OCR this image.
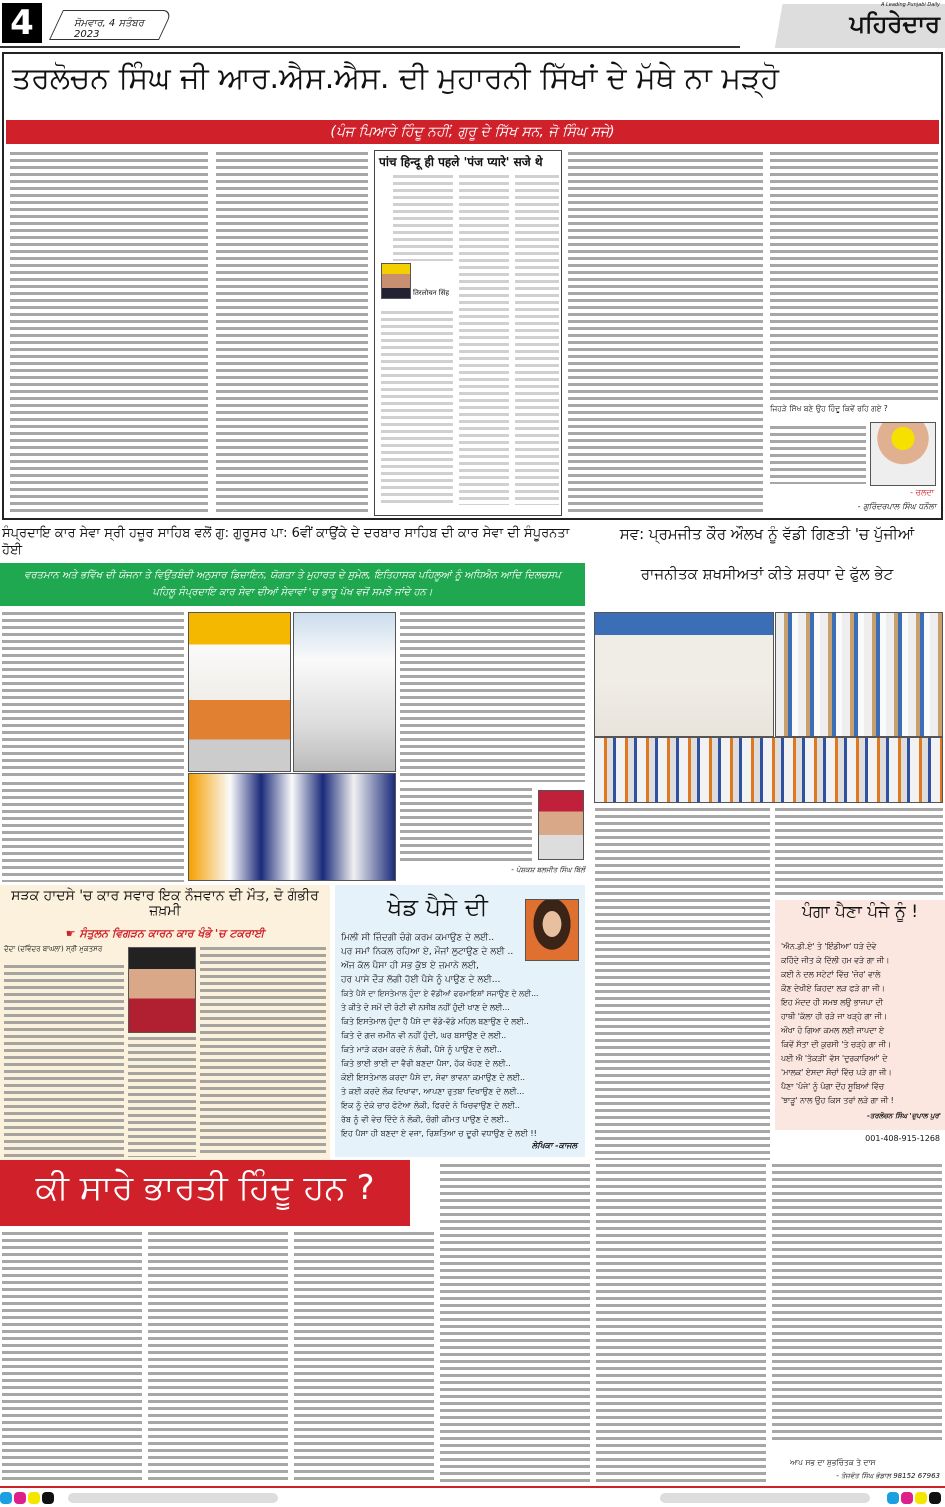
4	ਸੋਮਵਾਰ, 4 ਸਤੰਬਰ 2023	ਪਹਿਰੇਦਾਰ
A Leading Punjabi Daily
ਤਰਲੋਚਨ ਸਿੰਘ ਜੀ ਆਰ.ਐਸ.ਐਸ. ਦੀ ਮੁਹਾਰਨੀ ਸਿੱਖਾਂ ਦੇ ਮੱਥੇ ਨਾ ਮੜ੍ਹੋ
(ਪੰਜ ਪਿਆਰੇ ਹਿੰਦੂ ਨਹੀਂ, ਗੁਰੂ ਦੇ ਸਿੱਖ ਸਨ, ਜੋ ਸਿੰਘ ਸਜੇ)
पांच हिन्दू ही पहले 'पंज प्यारे' सजे थे
तिरलोचन सिंह
ਜਿਹੜੇ ਸਿੱਖ ਬਣੇ ਉਹ ਹਿੰਦੂ ਕਿਵੇਂ ਰਹਿ ਗਏ ?
- ਚਲਦਾ
- ਗੁਰਿੰਦਰਪਾਲ ਸਿੰਘ ਧਨੌਲਾ
ਸੰਪ੍ਰਦਾਇ ਕਾਰ ਸੇਵਾ ਸ੍ਰੀ ਹਜ਼ੂਰ ਸਾਹਿਬ ਵਲੋਂ ਗੁ: ਗੁਰੂਸਰ ਪਾ: 6ਵੀਂ ਕਾਉਂਕੇ ਦੇ ਦਰਬਾਰ ਸਾਹਿਬ ਦੀ ਕਾਰ ਸੇਵਾ ਦੀ ਸੰਪੂਰਨਤਾ ਹੋਈ
ਵਰਤਮਾਨ ਅਤੇ ਭਵਿੱਖ ਦੀ ਯੋਜਨਾ ਤੇ ਵਿਉਂਤਬੰਦੀ ਅਨੁਸਾਰ ਡਿਜ਼ਾਇਨ, ਯੋਗਤਾ ਤੇ ਮੁਹਾਰਤ ਦੇ ਸੁਮੇਲ, ਇਤਿਹਾਸਕ ਪਹਿਲੂਆਂ ਨੂੰ ਅਧਿਐਨ ਆਦਿ ਦਿਲਚਸਪ ਪਹਿਲੂ ਸੰਪ੍ਰਦਾਇ ਕਾਰ ਸੇਵਾ ਦੀਆਂ ਸੇਵਾਵਾਂ 'ਚ ਭਾਰੂ ਪੱਖ ਵਜੋਂ ਸਮਝੇ ਜਾਂਦੇ ਹਨ।
- ਪੇਸ਼ਕਸ਼ ਬਲਜੀਤ ਸਿੰਘ ਬਿੱਲੋਂ
ਸਵ: ਪ੍ਰਮਜੀਤ ਕੌਰ ਔਲਖ ਨੂੰ ਵੱਡੀ ਗਿਣਤੀ 'ਚ ਪੁੱਜੀਆਂ
ਰਾਜਨੀਤਕ ਸ਼ਖਸੀਅਤਾਂ ਕੀਤੇ ਸ਼ਰਧਾ ਦੇ ਫੁੱਲ ਭੇਟ
ਸੜਕ ਹਾਦਸੇ 'ਚ ਕਾਰ ਸਵਾਰ ਇਕ ਨੌਜਵਾਨ ਦੀ ਮੌਤ, ਦੋ ਗੰਭੀਰ ਜ਼ਖ਼ਮੀ
☛ ਸੰਤੁਲਨ ਵਿਗੜਨ ਕਾਰਨ ਕਾਰ ਖੰਭੇ 'ਚ ਟਕਰਾਈ
ਦੋਦਾ (ਦਵਿੰਦਰ ਬਾਘਲਾ) ਸ੍ਰੀ ਮੁਕਤਸਰ
ਖੇਡ ਪੈਸੇ ਦੀ
ਮਿਲੀ ਸੀ ਜ਼ਿੰਦਗੀ ਚੰਗੇ ਕਰਮ ਕਮਾਉਣ ਦੇ ਲਈ..
ਪਰ ਸਮਾਂ ਨਿਕਲ ਰਹਿਆ ਏ, ਮੌਜਾਂ ਲੁਟਾਉਣ ਦੇ ਲਈ ..
ਅੱਜ ਕੱਲ ਪੈਸਾ ਹੀ ਸਭ ਕੁੱਝ ਏ ਜ਼ਮਾਨੇ ਲਈ,
ਹਰ ਪਾਸੇ ਦੌੜ ਲੱਗੀ ਹੋਈ ਪੈਸੇ ਨੂੰ ਪਾਉਣ ਦੇ ਲਈ...
ਕਿਤੇ ਪੈਸੇ ਦਾ ਇਸਤੇਮਾਲ ਹੁੰਦਾ ਏ ਵੱਡੀਆਂ ਫਰਮਾਇਸ਼ਾਂ ਸਜਾਉਣ ਦੇ ਲਈ...
ਤੇ ਕੀਤੇ ਦੋ ਸਮੇਂ ਦੀ ਰੋਟੀ ਵੀ ਨਸੀਬ ਨਹੀਂ ਹੁੰਦੀ ਖਾਣ ਦੇ ਲਈ...
ਕਿਤੇ ਇਸਤੇਮਾਲ ਹੁੰਦਾ ਹੈ ਪੈਸੇ ਦਾ ਵੱਡੇ-ਵੱਡੇ ਮਹਿਲ ਬਣਾਉਣ ਦੇ ਲਈ..
ਕਿਤੇ ਦੋ ਗਜ਼ ਜ਼ਮੀਨ ਵੀ ਨਹੀਂ ਹੁੰਦੀ, ਘਰ ਬਸਾਉਣ ਦੇ ਲਈ..
ਕਿਤੇ ਮਾੜੇ ਕਰਮ ਕਰਦੇ ਨੇ ਲੋਕੀ, ਪੈਸੇ ਨੂੰ ਪਾਉਣ ਦੇ ਲਈ..
ਕਿਤੇ ਭਾਈ ਭਾਈ ਦਾ ਵੈਰੀ ਬਣਦਾ ਪੈਸਾ, ਹੱਕ ਖੋਹਣ ਦੇ ਲਈ..
ਕੋਈ ਇਸਤੇਮਾਲ ਕਰਦਾ ਪੈਸੇ ਦਾ, ਸੇਵਾ ਭਾਵਨਾ ਕਮਾਉਣ ਦੇ ਲਈ..
ਤੇ ਕਈ ਕਰਦੇ ਲੋਕ ਦਿਖਾਵਾ, ਆਪਣਾ ਰੁਤਬਾ ਦਿਖਾਉਣ ਦੇ ਲਈ...
ਇਕ ਨੂੰ ਦੇਕੇ ਚਾਰ ਫੋਟੋਆ ਲੋਕੀ, ਫਿਰਦੇ ਨੇ ਖਿਚਵਾਉਣ ਦੇ ਲਈ..
ਰੱਬ ਨੂੰ ਵੀ ਵੇਚ ਦਿੰਦੇ ਨੇ ਲੋਕੀ, ਚੰਗੀ ਕੀਮਤ ਪਾਉਣ ਦੇ ਲਈ..
ਇਹ ਪੈਸਾ ਹੀ ਬਣਦਾ ਏ ਵਜਾ, ਰਿਸ਼ਤਿਆ ਚ ਦੂਰੀ ਵਧਾਉਣ ਦੇ ਲਈ !!
ਲੇਖਿਕਾ -ਕਾਜਲ
ਪੰਗਾ ਪੈਣਾ ਪੰਜੇ ਨੂੰ !
'ਐਨ.ਡੀ.ਏ' ਤੇ 'ਇੰਡੀਆ' ਧੜੇ ਦੋਵੇ
ਕਹਿੰਦੇ ਜੀਤ ਕੇ ਦਿੱਲੀ ਹਮ ਵੜੇ ਗਾ ਜੀ।
ਕਈ ਨੇ ਦਲ ਸਟੇਟਾਂ ਵਿੱਚ 'ਜ਼ੋਰ' ਵਾਲੇ
ਕੌਣ ਦੇਖੀਏ ਕਿਹਦਾ ਲੜ ਫੜੇ ਗਾ ਜੀ।
ਇਹ ਮੱਦਦ ਹੀ ਸਮਝ ਲਉ ਭਾਜਪਾ ਦੀ
ਹਾਥੀ 'ਕੱਲਾ ਹੀ ਰੜੇ ਜਾ ਖੜ੍ਹੇ ਗਾ ਜੀ।
ਔਖਾ ਹੋ ਗਿਆ ਕਮਲ ਲਈ ਜਾਪਦਾ ਏ
ਕਿਵੇਂ ਸੱਤਾ ਦੀ ਕੁਰਸੀ 'ਤੇ ਚੜ੍ਹੇ ਗਾ ਜੀ।
ਪਈ ਐ 'ਤੱਕੜੀ' ਵੱਸ 'ਦੁਰਕਾਰਿਆਂ' ਦੇ
'ਮਾਲਕ' ਏਸਦਾ ਸੋਚਾਂ ਵਿੱਚ ਪੜੇ ਗਾ ਜੀ।
ਪੈਣਾ 'ਪੰਜੇ' ਨੂੰ ਪੰਗਾ ਦੋਂਹ ਸੂਬਿਆਂ ਵਿੱਚ
'ਝਾੜੂ' ਨਾਲ ਉਹ ਕਿਸ ਤਰਾਂ ਲੜੇ ਗਾ ਜੀ !
-ਤਰਲੋਚਨ ਸਿੰਘ 'ਦੁਪਾਲ ਪੁਰ'
001-408-915-1268
ਕੀ ਸਾਰੇ ਭਾਰਤੀ ਹਿੰਦੂ ਹਨ ?
ਆਪ ਸਭ ਦਾ ਸ਼ੁਭਚਿੰਤਕ ਤੇ ਦਾਸ
- ਤੇਜਵੰਤ ਸਿੰਘ ਭੰਡਾਲ 98152 67963
